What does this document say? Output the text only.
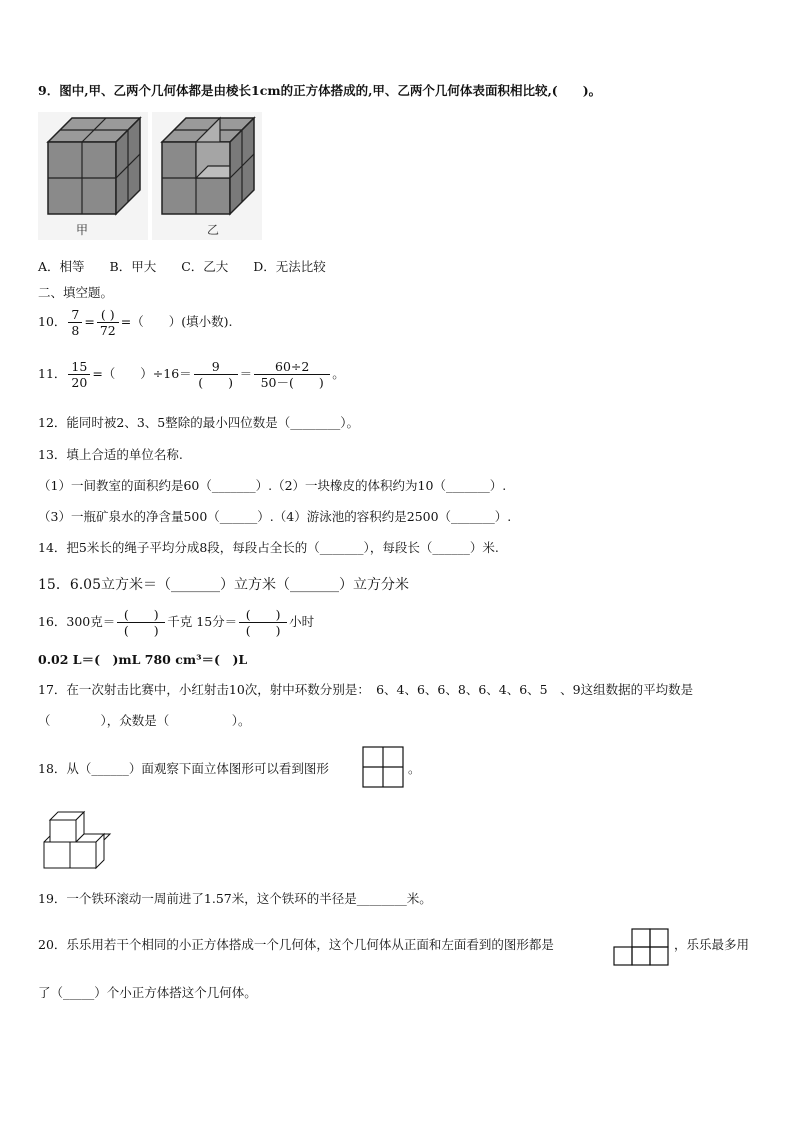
9．图中,甲、乙两个几何体都是由棱长1cm的正方体搭成的,甲、乙两个几何体表面积相比较,(　　)。
甲	乙
A．相等　　B．甲大　　C．乙大　　D．无法比较
二、填空题。
10． $\frac{7}{8} = \frac{( )}{72}$ =（　　）(填小数).
11． $\frac{15}{20}$ =（　　）$\div 16= \frac{9}{( )} = \frac{60\div 2}{50-( )}$ 。
12．能同时被2、3、5整除的最小四位数是（________）。
13．填上合适的单位名称.
（1）一间教室的面积约是60（_______）.（2）一块橡皮的体积约为10（_______）.
（3）一瓶矿泉水的净含量500（______）.（4）游泳池的容积约是2500（_______）.
14．把5米长的绳子平均分成8段，每段占全长的（_______），每段长（______）米.
15．6.05立方米＝（_______）立方米（_______）立方分米
16．300克＝ $\frac{( )}{( )}$ 千克 15分＝ $\frac{( )}{( )}$ 小时
0.02 L＝(　)mL 780 cm³＝(　)L
17．在一次射击比赛中，小红射击10次，射中环数分别是：　6、4、6、6、8、6、4、6、5　、9这组数据的平均数是
（　　　　），众数是（　　　　　）。
18．从（______）面观察下面立体图形可以看到图形	。
19．一个铁环滚动一周前进了1.57米，这个铁环的半径是________米。
20．乐乐用若干个相同的小正方体搭成一个几何体，这个几何体从正面和左面看到的图形都是	，乐乐最多用
了（_____）个小正方体搭这个几何体。
